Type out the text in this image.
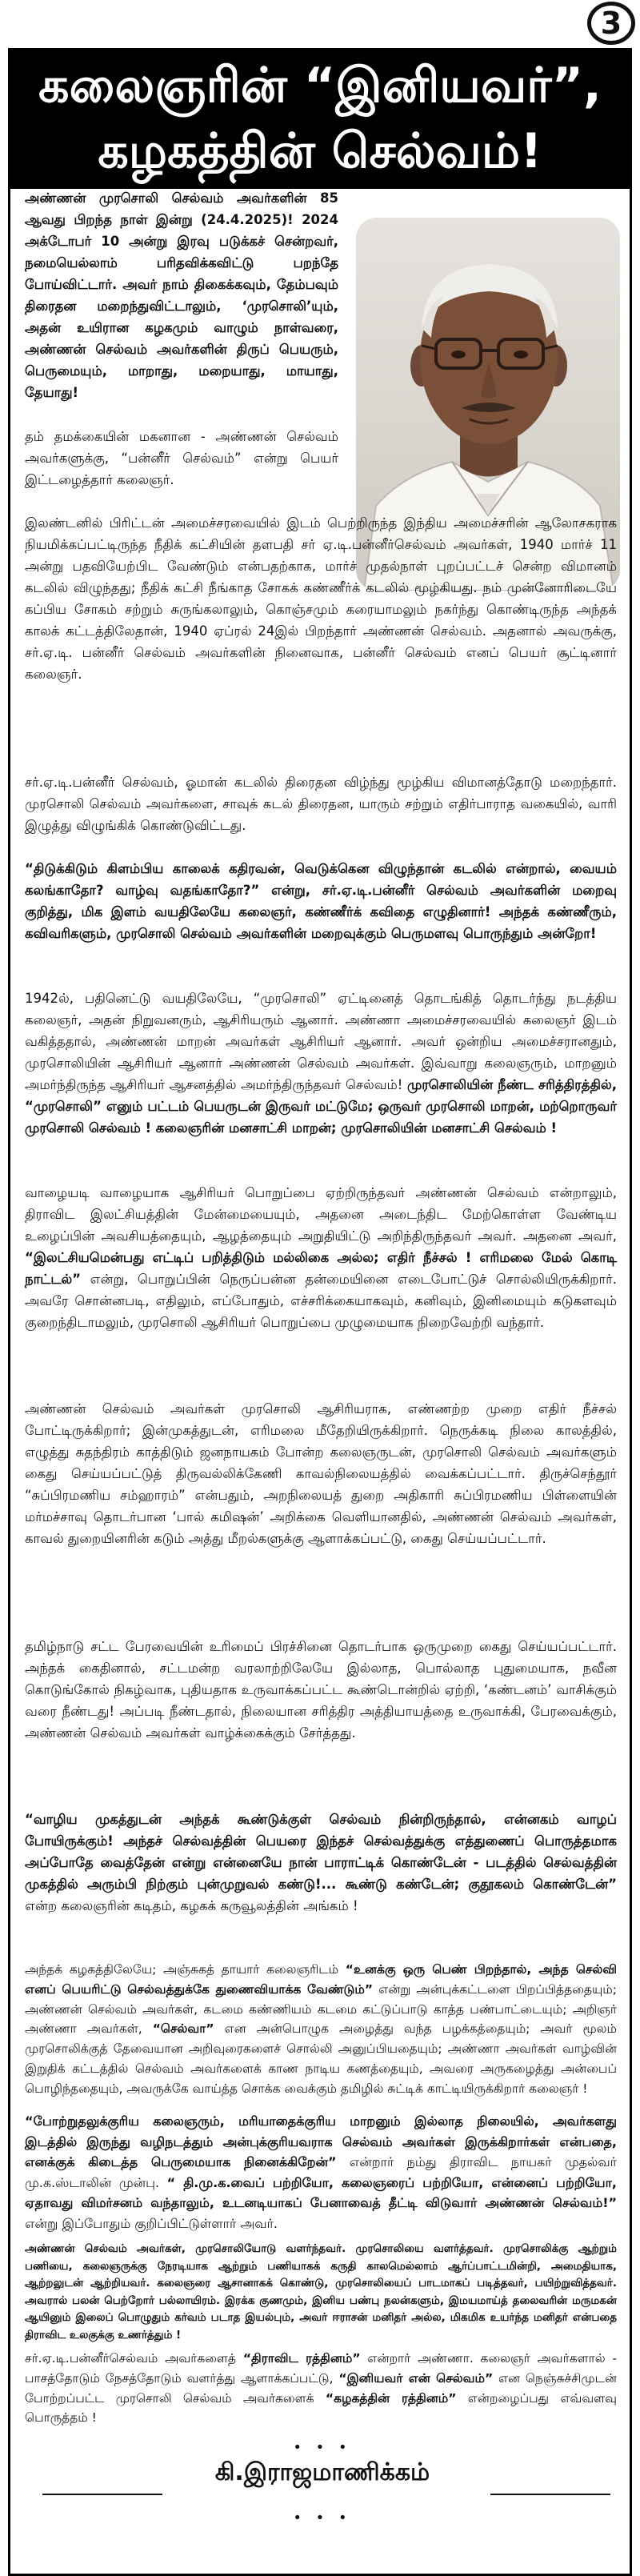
3
கலைஞரின் “இனியவர்”,
கழகத்தின் செல்வம்!

அண்ணன் முரசொலி செல்வம் அவர்களின் 85 ஆவது பிறந்த நாள் இன்று (24.4.2025)! 2024 அக்டோபர் 10 அன்று இரவு படுக்கச் சென்றவர், நமையெல்லாம் பரிதவிக்கவிட்டு பறந்தே போய்விட்டார். அவர் நாம் திகைக்கவும், தேம்பவும் திரைதன மறைந்துவிட்டாலும், ‘முரசொலி’யும், அதன் உயிரான கழகமும் வாழும் நாள்வரை, அண்ணன் செல்வம் அவர்களின் திருப் பெயரும், பெருமையும், மாறாது, மறையாது, மாயாது, தேயாது!

தம் தமக்கையின் மகனான - அண்ணன் செல்வம் அவர்களுக்கு, “பன்னீர் செல்வம்” என்று பெயர் இட்டழைத்தார் கலைஞர்.

இலண்டனில் பிரிட்டன் அமைச்சரவையில் இடம் பெற்றிருந்த இந்திய அமைச்சரின் ஆலோசகராக நியமிக்கப்பட்டிருந்த நீதிக் கட்சியின் தளபதி சர் ஏ.டி.பன்னீர்செல்வம் அவர்கள், 1940 மார்ச் 11 அன்று பதவியேற்பிட வேண்டும் என்பதற்காக, மார்ச் முதல்நாள் புறப்பட்டச் சென்ற விமானம் கடலில் விழுந்தது; நீதிக் கட்சி நீங்காத சோகக் கண்ணீர்க் கடலில் மூழ்கியது. நம் முன்னோரிடையே கப்பிய சோகம் சற்றும் சுருங்கலாலும், கொஞ்சமும் கரையாமலும் நகர்ந்து கொண்டிருந்த அந்தக் காலக் கட்டத்திலேதான், 1940 ஏப்ரல் 24இல் பிறந்தார் அண்ணன் செல்வம். அதனால் அவருக்கு, சர்.ஏ.டி. பன்னீர் செல்வம் அவர்களின் நினைவாக, பன்னீர் செல்வம் எனப் பெயர் சூட்டினார் கலைஞர்.

சர்.ஏ.டி.பன்னீர் செல்வம், ஓமான் கடலில் திரைதன விழ்ந்து மூழ்கிய விமானத்தோடு மறைந்தார். முரசொலி செல்வம் அவர்களை, சாவுக் கடல் திரைதன, யாரும் சற்றும் எதிர்பாராத வகையில், வாரி இழுத்து விழுங்கிக் கொண்டுவிட்டது.

“திடுக்கிடும் கிளம்பிய காலைக் கதிரவன், வெடுக்கென விழுந்தான் கடலில் என்றால், வையம் கலங்காதோ? வாழ்வு வதங்காதோ?” என்று, சர்.ஏ.டி.பன்னீர் செல்வம் அவர்களின் மறைவு குறித்து, மிக இளம் வயதிலேயே கலைஞர், கண்ணீர்க் கவிதை எழுதினார்! அந்தக் கண்ணீரும், கவிவரிகளும், முரசொலி செல்வம் அவர்களின் மறைவுக்கும் பெருமளவு பொருந்தும் அன்றோ!

1942ல், பதினெட்டு வயதிலேயே, “முரசொலி” ஏட்டினைத் தொடங்கித் தொடர்ந்து நடத்திய கலைஞர், அதன் நிறுவனரும், ஆசிரியரும் ஆனார். அண்ணா அமைச்சரவையில் கலைஞர் இடம் வகித்ததால், அண்ணன் மாறன் அவர்கள் ஆசிரியர் ஆனார். அவர் ஒன்றிய அமைச்சரானதும், முரசொலியின் ஆசிரியர் ஆனார் அண்ணன் செல்வம் அவர்கள். இவ்வாறு கலைஞரும், மாறனும் அமர்ந்திருந்த ஆசிரியர் ஆசனத்தில் அமர்ந்திருந்தவர் செல்வம்! முரசொலியின் நீண்ட சரித்திரத்தில், “முரசொலி” எனும் பட்டம் பெயருடன் இருவர் மட்டுமே; ஒருவர் முரசொலி மாறன், மற்றொருவர் முரசொலி செல்வம் ! கலைஞரின் மனசாட்சி மாறன்; முரசொலியின் மனசாட்சி செல்வம் !

வாழையடி வாழையாக ஆசிரியர் பொறுப்பை ஏற்றிருந்தவர் அண்ணன் செல்வம் என்றாலும், திராவிட இலட்சியத்தின் மேன்மையையும், அதனை அடைந்திட மேற்கொள்ள வேண்டிய உழைப்பின் அவசியத்தையும், ஆழத்தையும் அறுதியிட்டு அறிந்திருந்தவர் அவர். அதனை அவர், “இலட்சியமென்பது எட்டிப் பறித்திடும் மல்லிகை அல்ல; எதிர் நீச்சல் ! எரிமலை மேல் கொடி நாட்டல்” என்று, பொறுப்பின் நெருப்பன்ன தன்மையினை எடைபோட்டுச் சொல்லியிருக்கிறார். அவரே சொன்னபடி, எதிலும், எப்போதும், எச்சரிக்கையாகவும், கனிவும், இனிமையும் கடுகளவும் குறைந்திடாமலும், முரசொலி ஆசிரியர் பொறுப்பை முழுமையாக நிறைவேற்றி வந்தார்.

அண்ணன் செல்வம் அவர்கள் முரசொலி ஆசிரியராக, எண்ணற்ற முறை எதிர் நீச்சல் போட்டிருக்கிறார்; இன்முகத்துடன், எரிமலை மீதேறியிருக்கிறார். நெருக்கடி நிலை காலத்தில், எழுத்து சுதந்திரம் காத்திடும் ஜனநாயகம் போன்ற கலைஞருடன், முரசொலி செல்வம் அவர்களும் கைது செய்யப்பட்டுத் திருவல்லிக்கேணி காவல்நிலையத்தில் வைக்கப்பட்டார். திருச்செந்தூர் “சுப்பிரமணிய சம்ஹாரம்” என்பதும், அறநிலையத் துறை அதிகாரி சுப்பிரமணிய பிள்ளையின் மர்மச்சாவு தொடர்பான ‘பால் கமிஷன்’ அறிக்கை வெளியானதில், அண்ணன் செல்வம் அவர்கள், காவல் துறையினரின் கடும் அத்து மீறல்களுக்கு ஆளாக்கப்பட்டு, கைது செய்யப்பட்டார்.

தமிழ்நாடு சட்ட பேரவையின் உரிமைப் பிரச்சினை தொடர்பாக ஒருமுறை கைது செய்யப்பட்டார். அந்தக் கைதினால், சட்டமன்ற வரலாற்றிலேயே இல்லாத, பொல்லாத புதுமையாக, நவீன கொடுங்கோல் நிகழ்வாக, புதியதாக உருவாக்கப்பட்ட கூண்டொன்றில் ஏற்றி, ‘கண்டனம்’ வாசிக்கும் வரை நீண்டது! அப்படி நீண்டதால், நிலையான சரித்திர அத்தியாயத்தை உருவாக்கி, பேரவைக்கும், அண்ணன் செல்வம் அவர்கள் வாழ்க்கைக்கும் சேர்த்தது.

“வாழிய முகத்துடன் அந்தக் கூண்டுக்குள் செல்வம் நின்றிருந்தால், என்னகம் வாழப் போயிருக்கும்! அந்தச் செல்வத்தின் பெயரை இந்தச் செல்வத்துக்கு எத்துணைப் பொருத்தமாக அப்போதே வைத்தேன் என்று என்னையே நான் பாராட்டிக் கொண்டேன் - படத்தில் செல்வத்தின் முகத்தில் அரும்பி நிற்கும் புன்முறுவல் கண்டு!... கூண்டு கண்டேன்; குதூகலம் கொண்டேன்” என்ற கலைஞரின் கடிதம், கழகக் கருவூலத்தின் அங்கம் !

அந்தக் கழகத்திலேயே; அஞ்சுகத் தாயார் கலைஞரிடம் “உனக்கு ஒரு பெண் பிறந்தால், அந்த செல்வி எனப் பெயரிட்டு செல்வத்துக்கே துணைவியாக்க வேண்டும்” என்று அன்புக்கட்டளை பிறப்பித்ததையும்; அண்ணன் செல்வம் அவர்கள், கடமை கண்ணியம் கடமை கட்டுப்பாடு காத்த பண்பாட்டையும்; அறிஞர் அண்ணா அவர்கள், “செல்வா” என அன்பொழுக அழைத்து வந்த பழக்கத்தையும்; அவர் மூலம் முரசொலிக்குத் தேவையான அறிவுரைகளைச் சொல்லி அனுப்பியதையும்; அண்ணா அவர்கள் வாழ்வின் இறுதிக் கட்டத்தில் செல்வம் அவர்களைக் காண நாடிய கணத்தையும், அவரை அருகழைத்து அன்பைப் பொழிந்ததையும், அவருக்கே வாய்த்த சொக்க வைக்கும் தமிழில் சுட்டிக் காட்டியிருக்கிறார் கலைஞர் !

“போற்றுதலுக்குரிய கலைஞரும், மரியாதைக்குரிய மாறனும் இல்லாத நிலையில், அவர்களது இடத்தில் இருந்து வழிநடத்தும் அன்புக்குரியவராக செல்வம் அவர்கள் இருக்கிறார்கள் என்பதை, எனக்குக் கிடைத்த பெருமையாக நினைக்கிறேன்” என்றார் நம்து திராவிட நாயகர் முதல்வர் மு.க.ஸ்டாலின் முன்பு. “ தி.மு.க.வைப் பற்றியோ, கலைஞரைப் பற்றியோ, என்னைப் பற்றியோ, ஏதாவது விமர்சனம் வந்தாலும், உடனடியாகப் பேனாவைத் தீட்டி விடுவார் அண்ணன் செல்வம்!” என்று இப்போதும் குறிப்பிட்டுள்ளார் அவர்.

அண்ணன் செல்வம் அவர்கள், முரசொலியோடு வளர்ந்தவர். முரசொலியை வளர்த்தவர். முரசொலிக்கு ஆற்றும் பணியை, கலைஞருக்கு நேரடியாக ஆற்றும் பணியாகக் கருதி காலமெல்லாம் ஆர்ப்பாட்டமின்றி, அமைதியாக, ஆற்றலுடன் ஆற்றியவர். கலைஞரை ஆசானாகக் கொண்டு, முரசொலியைப் பாடமாகப் படித்தவர், பயிற்றுவித்தவர். அவரால் பலன் பெற்றோர் பல்லாயிரம். இரக்க குணமும், இனிய பண்பு நலன்களும், இமயமாய்த் தலைவரின் மருமகன் ஆயினும் இலைப் பொழுதும் கர்வம் படாத இயல்பும், அவர் ஈராசன் மனிதர் அல்ல, மிகமிக உயர்ந்த மனிதர் என்பதை திராவிட உலகுக்கு உணர்த்தும் !

சர்.ஏ.டி.பன்னீர்செல்வம் அவர்களைத் “திராவிட ரத்தினம்” என்றார் அண்ணா. கலைஞர் அவர்களால் - பாசத்தோடும் நேசத்தோடும் வளர்த்து ஆளாக்கப்பட்டு, “இனியவர் என் செல்வம்” என நெஞ்சுச்சிமுடன் போற்றப்பட்ட முரசொலி செல்வம் அவர்களைக் “கழகத்தின் ரத்தினம்” என்றழைப்பது எவ்வளவு பொருத்தம் !

• • •
கி.இராஜமாணிக்கம்
• • •
